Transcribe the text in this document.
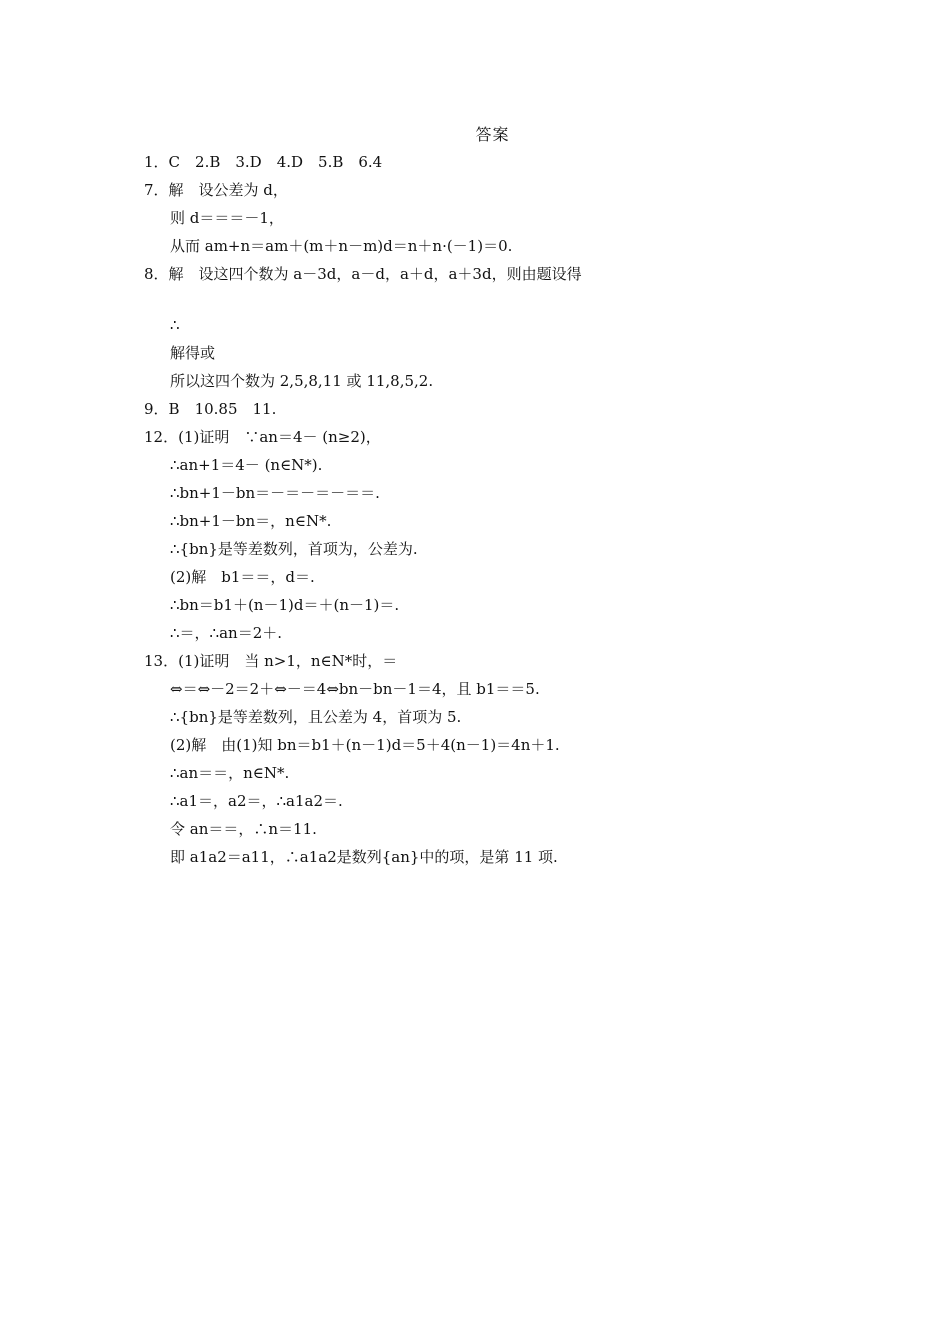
答案
1．C　2.B　3.D　4.D　5.B　6.4
7．解　设公差为 d，
则 d＝＝＝－1，
从而 am+n＝am＋(m＋n－m)d＝n＋n·(－1)＝0.
8．解　设这四个数为 a－3d，a－d，a＋d，a＋3d，则由题设得
∴
解得或
所以这四个数为 2,5,8,11 或 11,8,5,2.
9．B　10.85　11.
12．(1)证明　∵an＝4－ (n≥2)，
∴an+1＝4－ (n∈N*).
∴bn+1－bn＝－＝－＝－＝＝.
∴bn+1－bn＝，n∈N*.
∴{bn}是等差数列，首项为，公差为.
(2)解　b1＝＝，d＝.
∴bn＝b1＋(n－1)d＝＋(n－1)＝.
∴＝，∴an＝2＋.
13．(1)证明　当 n>1，n∈N*时，＝
⇔＝⇔－2＝2＋⇔－＝4⇔bn－bn－1＝4，且 b1＝＝5.
∴{bn}是等差数列，且公差为 4，首项为 5.
(2)解　由(1)知 bn＝b1＋(n－1)d＝5＋4(n－1)＝4n＋1.
∴an＝＝，n∈N*.
∴a1＝，a2＝，∴a1a2＝.
令 an＝＝，∴n＝11.
即 a1a2＝a11，∴a1a2是数列{an}中的项，是第 11 项.
